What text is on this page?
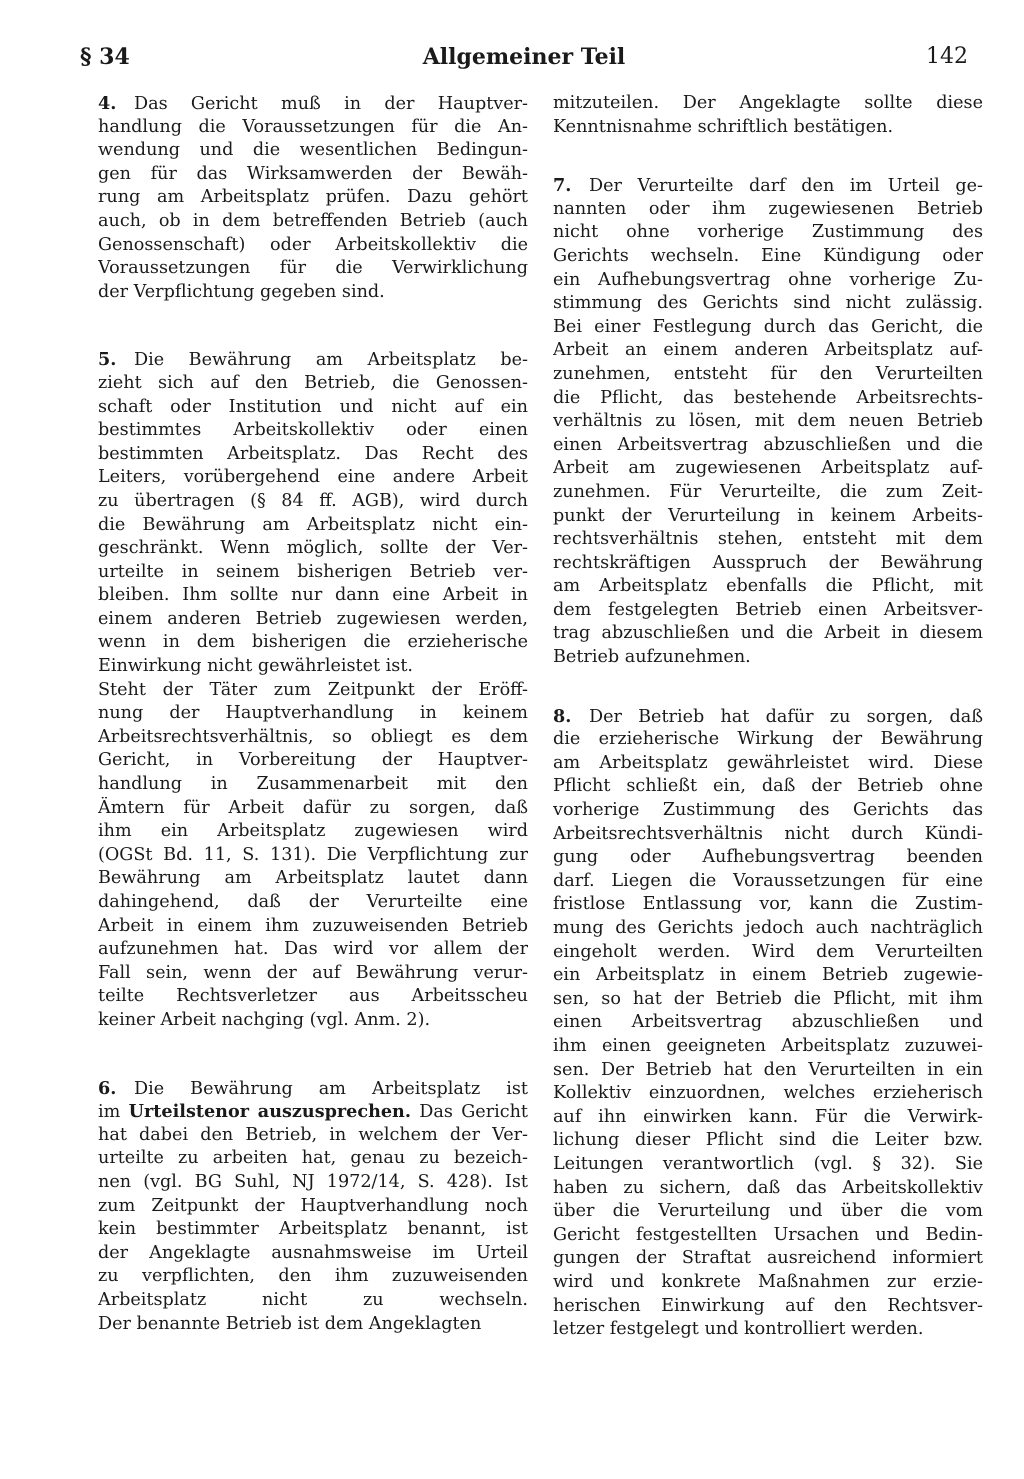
§ 34	Allgemeiner Teil	142
4. Das Gericht muß in der Hauptver-
handlung die Voraussetzungen für die An-
wendung und die wesentlichen Bedingun-
gen für das Wirksamwerden der Bewäh-
rung am Arbeitsplatz prüfen. Dazu gehört
auch, ob in dem betreffenden Betrieb (auch
Genossenschaft) oder Arbeitskollektiv die
Voraussetzungen für die Verwirklichung
der Verpflichtung gegeben sind.
5. Die Bewährung am Arbeitsplatz be-
zieht sich auf den Betrieb, die Genossen-
schaft oder Institution und nicht auf ein
bestimmtes Arbeitskollektiv oder einen
bestimmten Arbeitsplatz. Das Recht des
Leiters, vorübergehend eine andere Arbeit
zu übertragen (§ 84 ff. AGB), wird durch
die Bewährung am Arbeitsplatz nicht ein-
geschränkt. Wenn möglich, sollte der Ver-
urteilte in seinem bisherigen Betrieb ver-
bleiben. Ihm sollte nur dann eine Arbeit in
einem anderen Betrieb zugewiesen werden,
wenn in dem bisherigen die erzieherische
Einwirkung nicht gewährleistet ist.
Steht der Täter zum Zeitpunkt der Eröff-
nung der Hauptverhandlung in keinem
Arbeitsrechtsverhältnis, so obliegt es dem
Gericht, in Vorbereitung der Hauptver-
handlung in Zusammenarbeit mit den
Ämtern für Arbeit dafür zu sorgen, daß
ihm ein Arbeitsplatz zugewiesen wird
(OGSt Bd. 11, S. 131). Die Verpflichtung zur
Bewährung am Arbeitsplatz lautet dann
dahingehend, daß der Verurteilte eine
Arbeit in einem ihm zuzuweisenden Betrieb
aufzunehmen hat. Das wird vor allem der
Fall sein, wenn der auf Bewährung verur-
teilte Rechtsverletzer aus Arbeitsscheu
keiner Arbeit nachging (vgl. Anm. 2).
6. Die Bewährung am Arbeitsplatz ist
im Urteilstenor auszusprechen. Das Gericht
hat dabei den Betrieb, in welchem der Ver-
urteilte zu arbeiten hat, genau zu bezeich-
nen (vgl. BG Suhl, NJ 1972/14, S. 428). Ist
zum Zeitpunkt der Hauptverhandlung noch
kein bestimmter Arbeitsplatz benannt, ist
der Angeklagte ausnahmsweise im Urteil
zu verpflichten, den ihm zuzuweisenden
Arbeitsplatz nicht zu wechseln.
Der benannte Betrieb ist dem Angeklagten
mitzuteilen. Der Angeklagte sollte diese
Kenntnisnahme schriftlich bestätigen.
7. Der Verurteilte darf den im Urteil ge-
nannten oder ihm zugewiesenen Betrieb
nicht ohne vorherige Zustimmung des
Gerichts wechseln. Eine Kündigung oder
ein Aufhebungsvertrag ohne vorherige Zu-
stimmung des Gerichts sind nicht zulässig.
Bei einer Festlegung durch das Gericht, die
Arbeit an einem anderen Arbeitsplatz auf-
zunehmen, entsteht für den Verurteilten
die Pflicht, das bestehende Arbeitsrechts-
verhältnis zu lösen, mit dem neuen Betrieb
einen Arbeitsvertrag abzuschließen und die
Arbeit am zugewiesenen Arbeitsplatz auf-
zunehmen. Für Verurteilte, die zum Zeit-
punkt der Verurteilung in keinem Arbeits-
rechtsverhältnis stehen, entsteht mit dem
rechtskräftigen Ausspruch der Bewährung
am Arbeitsplatz ebenfalls die Pflicht, mit
dem festgelegten Betrieb einen Arbeitsver-
trag abzuschließen und die Arbeit in diesem
Betrieb aufzunehmen.
8. Der Betrieb hat dafür zu sorgen, daß
die erzieherische Wirkung der Bewährung
am Arbeitsplatz gewährleistet wird. Diese
Pflicht schließt ein, daß der Betrieb ohne
vorherige Zustimmung des Gerichts das
Arbeitsrechtsverhältnis nicht durch Kündi-
gung oder Aufhebungsvertrag beenden
darf. Liegen die Voraussetzungen für eine
fristlose Entlassung vor, kann die Zustim-
mung des Gerichts jedoch auch nachträglich
eingeholt werden. Wird dem Verurteilten
ein Arbeitsplatz in einem Betrieb zugewie-
sen, so hat der Betrieb die Pflicht, mit ihm
einen Arbeitsvertrag abzuschließen und
ihm einen geeigneten Arbeitsplatz zuzuwei-
sen. Der Betrieb hat den Verurteilten in ein
Kollektiv einzuordnen, welches erzieherisch
auf ihn einwirken kann. Für die Verwirk-
lichung dieser Pflicht sind die Leiter bzw.
Leitungen verantwortlich (vgl. § 32). Sie
haben zu sichern, daß das Arbeitskollektiv
über die Verurteilung und über die vom
Gericht festgestellten Ursachen und Bedin-
gungen der Straftat ausreichend informiert
wird und konkrete Maßnahmen zur erzie-
herischen Einwirkung auf den Rechtsver-
letzer festgelegt und kontrolliert werden.
